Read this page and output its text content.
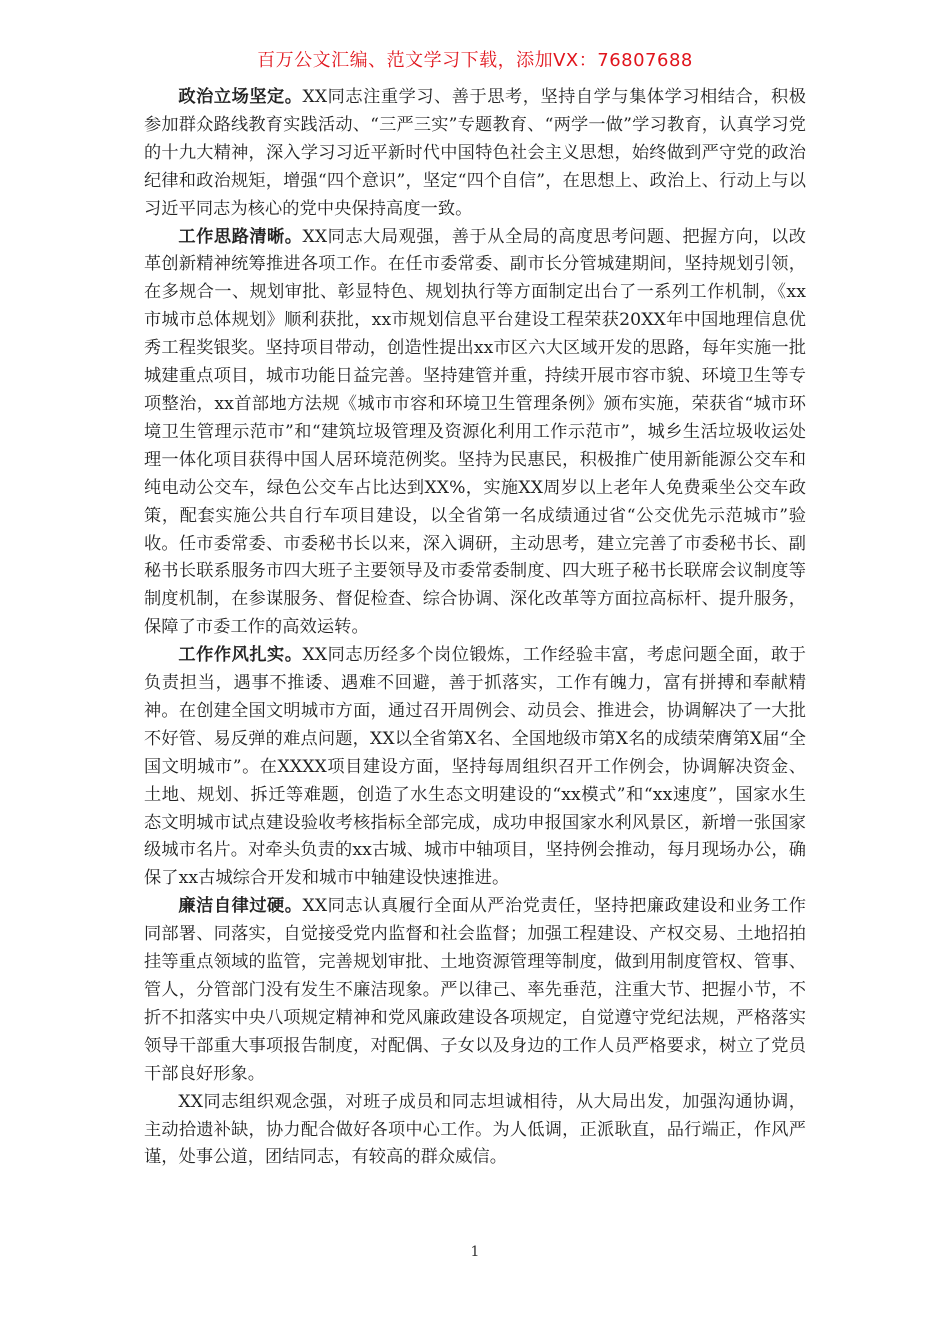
百万公文汇编、范文学习下载，添加VX：76807688

政治立场坚定。XX同志注重学习、善于思考，坚持自学与集体学习相结合，积极参加群众路线教育实践活动、“三严三实”专题教育、“两学一做”学习教育，认真学习党的十九大精神，深入学习习近平新时代中国特色社会主义思想，始终做到严守党的政治纪律和政治规矩，增强“四个意识”，坚定“四个自信”，在思想上、政治上、行动上与以习近平同志为核心的党中央保持高度一致。

工作思路清晰。XX同志大局观强，善于从全局的高度思考问题、把握方向，以改革创新精神统筹推进各项工作。在任市委常委、副市长分管城建期间，坚持规划引领，在多规合一、规划审批、彰显特色、规划执行等方面制定出台了一系列工作机制，《xx市城市总体规划》顺利获批，xx市规划信息平台建设工程荣获20XX年中国地理信息优秀工程奖银奖。坚持项目带动，创造性提出xx市区六大区域开发的思路，每年实施一批城建重点项目，城市功能日益完善。坚持建管并重，持续开展市容市貌、环境卫生等专项整治，xx首部地方法规《城市市容和环境卫生管理条例》颁布实施，荣获省“城市环境卫生管理示范市”和“建筑垃圾管理及资源化利用工作示范市”，城乡生活垃圾收运处理一体化项目获得中国人居环境范例奖。坚持为民惠民，积极推广使用新能源公交车和纯电动公交车，绿色公交车占比达到XX%，实施XX周岁以上老年人免费乘坐公交车政策，配套实施公共自行车项目建设，以全省第一名成绩通过省“公交优先示范城市”验收。任市委常委、市委秘书长以来，深入调研，主动思考，建立完善了市委秘书长、副秘书长联系服务市四大班子主要领导及市委常委制度、四大班子秘书长联席会议制度等制度机制，在参谋服务、督促检查、综合协调、深化改革等方面拉高标杆、提升服务，保障了市委工作的高效运转。

工作作风扎实。XX同志历经多个岗位锻炼，工作经验丰富，考虑问题全面，敢于负责担当，遇事不推诿、遇难不回避，善于抓落实，工作有魄力，富有拼搏和奉献精神。在创建全国文明城市方面，通过召开周例会、动员会、推进会，协调解决了一大批不好管、易反弹的难点问题，XX以全省第X名、全国地级市第X名的成绩荣膺第X届“全国文明城市”。在XXXX项目建设方面，坚持每周组织召开工作例会，协调解决资金、土地、规划、拆迁等难题，创造了水生态文明建设的“xx模式”和“xx速度”，国家水生态文明城市试点建设验收考核指标全部完成，成功申报国家水利风景区，新增一张国家级城市名片。对牵头负责的xx古城、城市中轴项目，坚持例会推动，每月现场办公，确保了xx古城综合开发和城市中轴建设快速推进。

廉洁自律过硬。XX同志认真履行全面从严治党责任，坚持把廉政建设和业务工作同部署、同落实，自觉接受党内监督和社会监督；加强工程建设、产权交易、土地招拍挂等重点领域的监管，完善规划审批、土地资源管理等制度，做到用制度管权、管事、管人，分管部门没有发生不廉洁现象。严以律己、率先垂范，注重大节、把握小节，不折不扣落实中央八项规定精神和党风廉政建设各项规定，自觉遵守党纪法规，严格落实领导干部重大事项报告制度，对配偶、子女以及身边的工作人员严格要求，树立了党员干部良好形象。

XX同志组织观念强，对班子成员和同志坦诚相待，从大局出发，加强沟通协调，主动拾遗补缺，协力配合做好各项中心工作。为人低调，正派耿直，品行端正，作风严谨，处事公道，团结同志，有较高的群众威信。

1
